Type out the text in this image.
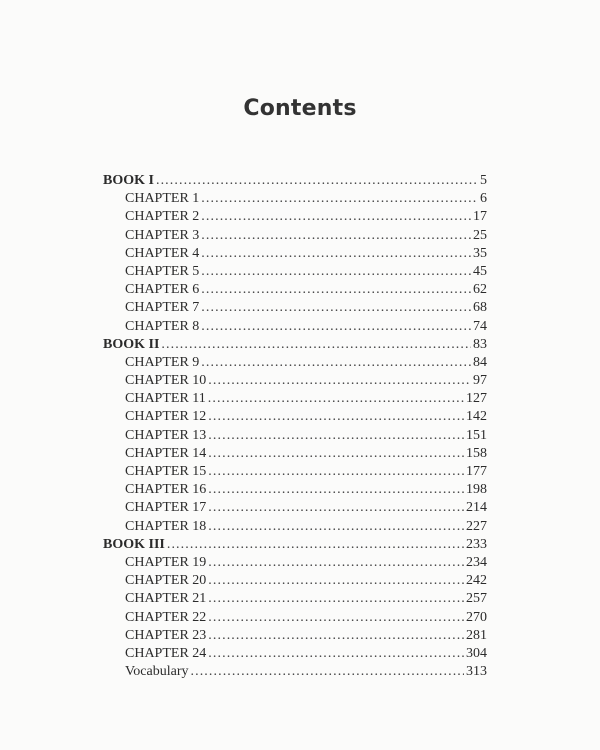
Contents
BOOK I . . .	5
CHAPTER 1 . . .	6
CHAPTER 2 . . .	17
CHAPTER 3 . . .	25
CHAPTER 4 . . .	35
CHAPTER 5 . . .	45
CHAPTER 6 . . .	62
CHAPTER 7 . . .	68
CHAPTER 8 . . .	74
BOOK II . . .	83
CHAPTER 9 . . .	84
CHAPTER 10 . . .	97
CHAPTER 11 . . .	127
CHAPTER 12 . . .	142
CHAPTER 13 . . .	151
CHAPTER 14 . . .	158
CHAPTER 15 . . .	177
CHAPTER 16 . . .	198
CHAPTER 17 . . .	214
CHAPTER 18 . . .	227
BOOK III . . .	233
CHAPTER 19 . . .	234
CHAPTER 20 . . .	242
CHAPTER 21 . . .	257
CHAPTER 22 . . .	270
CHAPTER 23 . . .	281
CHAPTER 24 . . .	304
Vocabulary . . .	313
